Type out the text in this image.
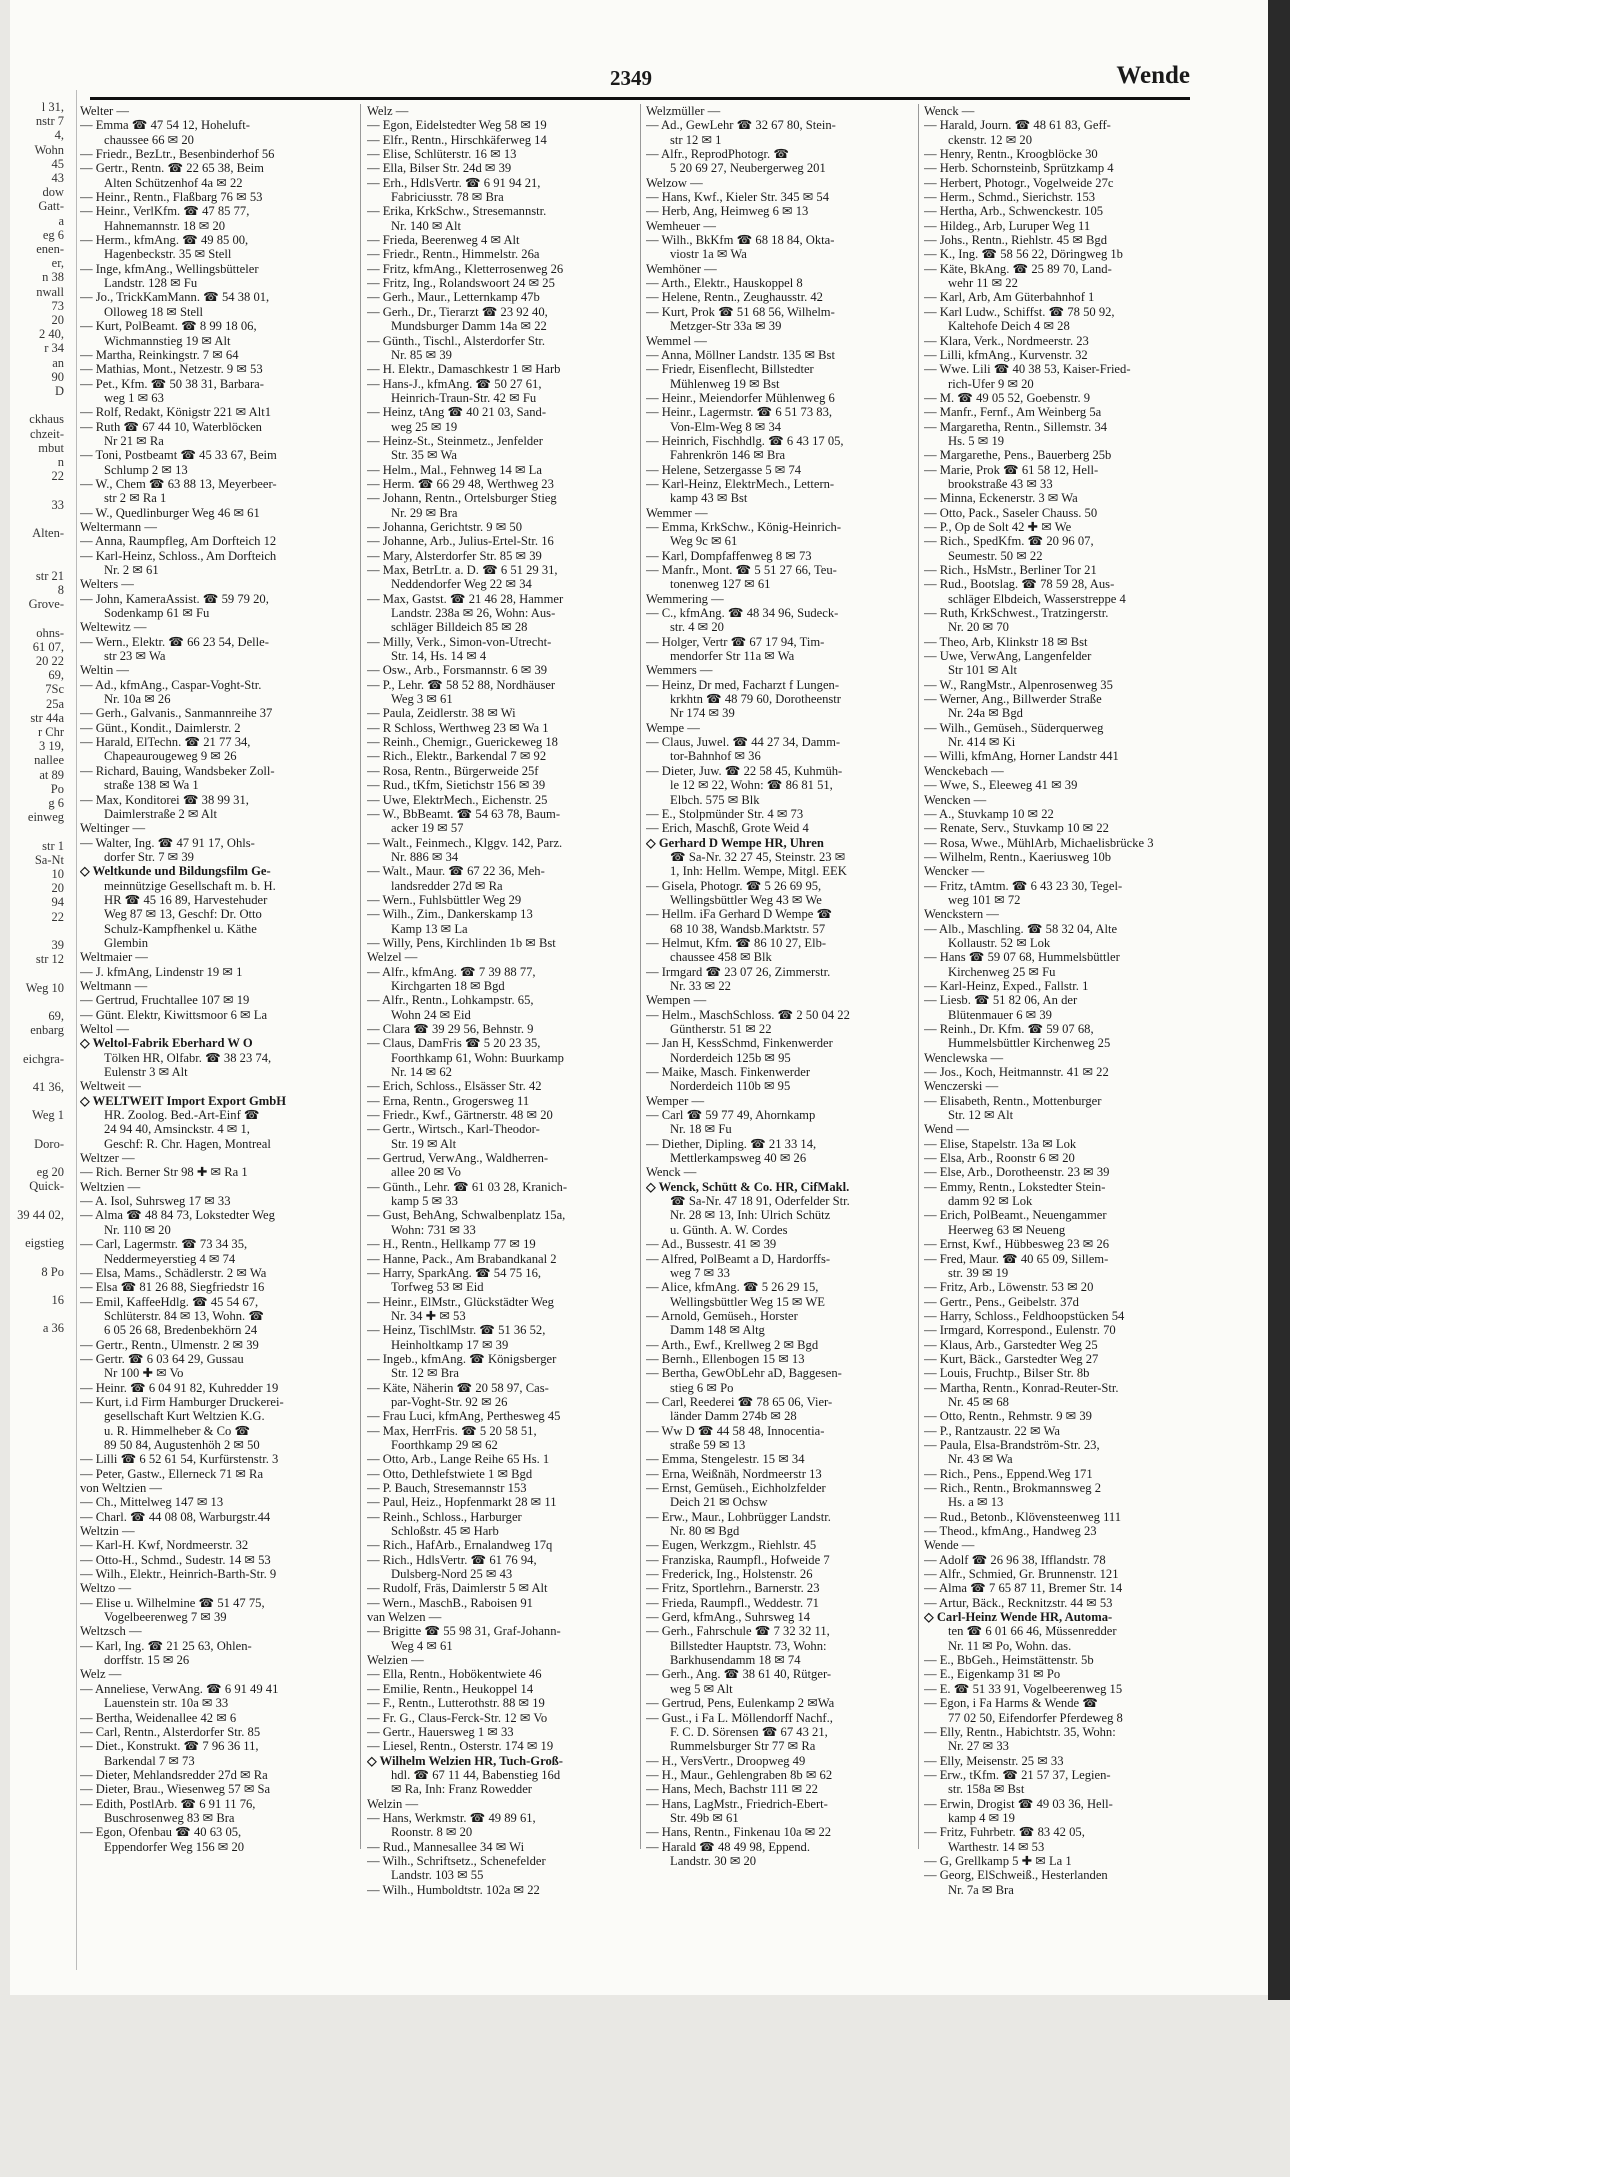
l 31,
nstr 7
4,
Wohn
45
43
dow
Gatt-
a
eg 6
enen-
er,
n 38
nwall
73
20
2 40,
r 34
an
90
D

ckhaus
chzeit-
mbut
n
22

33

Alten-

str 21
8
Grove-

ohns-
61 07,
20 22
69,
7Sc
25a
str 44a
r Chr
3 19,
nallee
at 89
Po
g 6
einweg

str 1
Sa-Nt
10
20
94
22

39
str 12

Weg 10

69,
enbarg

eichgra-

41 36,

Weg 1

Doro-

eg 20
Quick-

39 44 02,

eigstieg

8 Po

16

a 36
2349	Wende

Welter —

— Emma ☎ 47 54 12, Hoheluft-

chaussee 66 ✉ 20

— Friedr., BezLtr., Besenbinderhof 56

— Gertr., Rentn. ☎ 22 65 38, Beim

Alten Schützenhof 4a ✉ 22

— Heinr., Rentn., Flaßbarg 76 ✉ 53

— Heinr., VerlKfm. ☎ 47 85 77,

Hahnemannstr. 18 ✉ 20

— Herm., kfmAng. ☎ 49 85 00,

Hagenbeckstr. 35 ✉ Stell

— Inge, kfmAng., Wellingsbütteler

Landstr. 128 ✉ Fu

— Jo., TrickKamMann. ☎ 54 38 01,

Olloweg 18 ✉ Stell

— Kurt, PolBeamt. ☎ 8 99 18 06,

Wichmannstieg 19 ✉ Alt

— Martha, Reinkingstr. 7 ✉ 64

— Mathias, Mont., Netzestr. 9 ✉ 53

— Pet., Kfm. ☎ 50 38 31, Barbara-

weg 1 ✉ 63

— Rolf, Redakt, Königstr 221 ✉ Alt1

— Ruth ☎ 67 44 10, Waterblöcken

Nr 21 ✉ Ra

— Toni, Postbeamt ☎ 45 33 67, Beim

Schlump 2 ✉ 13

— W., Chem ☎ 63 88 13, Meyerbeer-

str 2 ✉ Ra 1

— W., Quedlinburger Weg 46 ✉ 61

Weltermann —

— Anna, Raumpfleg, Am Dorfteich 12

— Karl-Heinz, Schloss., Am Dorfteich

Nr. 2 ✉ 61

Welters —

— John, KameraAssist. ☎ 59 79 20,

Sodenkamp 61 ✉ Fu

Weltewitz —

— Wern., Elektr. ☎ 66 23 54, Delle-

str 23 ✉ Wa

Weltin —

— Ad., kfmAng., Caspar-Voght-Str.

Nr. 10a ✉ 26

— Gerh., Galvanis., Sanmannreihe 37

— Günt., Kondit., Daimlerstr. 2

— Harald, ElTechn. ☎ 21 77 34,

Chapeaurougeweg 9 ✉ 26

— Richard, Bauing, Wandsbeker Zoll-

straße 138 ✉ Wa 1

— Max, Konditorei ☎ 38 99 31,

Daimlerstraße 2 ✉ Alt

Weltinger —

— Walter, Ing. ☎ 47 91 17, Ohls-

dorfer Str. 7 ✉ 39

◇ Weltkunde und Bildungsfilm Ge-

meinnützige Gesellschaft m. b. H.

HR ☎ 45 16 89, Harvestehuder

Weg 87 ✉ 13, Geschf: Dr. Otto

Schulz-Kampfhenkel u. Käthe

Glembin

Weltmaier —

— J. kfmAng, Lindenstr 19 ✉ 1

Weltmann —

— Gertrud, Fruchtallee 107 ✉ 19

— Günt. Elektr, Kiwittsmoor 6 ✉ La

Weltol —

◇ Weltol-Fabrik Eberhard W O

Tölken HR, Olfabr. ☎ 38 23 74,

Eulenstr 3 ✉ Alt

Weltweit —

◇ WELTWEIT Import Export GmbH

HR. Zoolog. Bed.-Art-Einf ☎

24 94 40, Amsinckstr. 4 ✉ 1,

Geschf: R. Chr. Hagen, Montreal

Weltzer —

— Rich. Berner Str 98 ✚ ✉ Ra 1

Weltzien —

— A. Isol, Suhrsweg 17 ✉ 33

— Alma ☎ 48 84 73, Lokstedter Weg

Nr. 110 ✉ 20

— Carl, Lagermstr. ☎ 73 34 35,

Neddermeyerstieg 4 ✉ 74

— Elsa, Mams., Schädlerstr. 2 ✉ Wa

— Elsa ☎ 81 26 88, Siegfriedstr 16

— Emil, KaffeeHdlg. ☎ 45 54 67,

Schlüterstr. 84 ✉ 13, Wohn. ☎

6 05 26 68, Bredenbekhörn 24

— Gertr., Rentn., Ulmenstr. 2 ✉ 39

— Gertr. ☎ 6 03 64 29, Gussau

Nr 100 ✚ ✉ Vo

— Heinr. ☎ 6 04 91 82, Kuhredder 19

— Kurt, i.d Firm Hamburger Druckerei-

gesellschaft Kurt Weltzien K.G.

u. R. Himmelheber & Co ☎

89 50 84, Augustenhöh 2 ✉ 50

— Lilli ☎ 6 52 61 54, Kurfürstenstr. 3

— Peter, Gastw., Ellerneck 71 ✉ Ra

von Weltzien —

— Ch., Mittelweg 147 ✉ 13

— Charl. ☎ 44 08 08, Warburgstr.44

Weltzin —

— Karl-H. Kwf, Nordmeerstr. 32

— Otto-H., Schmd., Sudestr. 14 ✉ 53

— Wilh., Elektr., Heinrich-Barth-Str. 9

Weltzo —

— Elise u. Wilhelmine ☎ 51 47 75,

Vogelbeerenweg 7 ✉ 39

Weltzsch —

— Karl, Ing. ☎ 21 25 63, Ohlen-

dorffstr. 15 ✉ 26

Welz —

— Anneliese, VerwAng. ☎ 6 91 49 41

Lauenstein str. 10a ✉ 33

— Bertha, Weidenallee 42 ✉ 6

— Carl, Rentn., Alsterdorfer Str. 85

— Diet., Konstrukt. ☎ 7 96 36 11,

Barkendal 7 ✉ 73

— Dieter, Mehlandsredder 27d ✉ Ra

— Dieter, Brau., Wiesenweg 57 ✉ Sa

— Edith, PostlArb. ☎ 6 91 11 76,

Buschrosenweg 83 ✉ Bra

— Egon, Ofenbau ☎ 40 63 05,

Eppendorfer Weg 156 ✉ 20

Welz —

— Egon, Eidelstedter Weg 58 ✉ 19

— Elfr., Rentn., Hirschkäferweg 14

— Elise, Schlüterstr. 16 ✉ 13

— Ella, Bilser Str. 24d ✉ 39

— Erh., HdlsVertr. ☎ 6 91 94 21,

Fabriciusstr. 78 ✉ Bra

— Erika, KrkSchw., Stresemannstr.

Nr. 140 ✉ Alt

— Frieda, Beerenweg 4 ✉ Alt

— Friedr., Rentn., Himmelstr. 26a

— Fritz, kfmAng., Kletterrosenweg 26

— Fritz, Ing., Rolandswoort 24 ✉ 25

— Gerh., Maur., Letternkamp 47b

— Gerh., Dr., Tierarzt ☎ 23 92 40,

Mundsburger Damm 14a ✉ 22

— Günth., Tischl., Alsterdorfer Str.

Nr. 85 ✉ 39

— H. Elektr., Damaschkestr 1 ✉ Harb

— Hans-J., kfmAng. ☎ 50 27 61,

Heinrich-Traun-Str. 42 ✉ Fu

— Heinz, tAng ☎ 40 21 03, Sand-

weg 25 ✉ 19

— Heinz-St., Steinmetz., Jenfelder

Str. 35 ✉ Wa

— Helm., Mal., Fehnweg 14 ✉ La

— Herm. ☎ 66 29 48, Werthweg 23

— Johann, Rentn., Ortelsburger Stieg

Nr. 29 ✉ Bra

— Johanna, Gerichtstr. 9 ✉ 50

— Johanne, Arb., Julius-Ertel-Str. 16

— Mary, Alsterdorfer Str. 85 ✉ 39

— Max, BetrLtr. a. D. ☎ 6 51 29 31,

Neddendorfer Weg 22 ✉ 34

— Max, Gastst. ☎ 21 46 28, Hammer

Landstr. 238a ✉ 26, Wohn: Aus-

schläger Billdeich 85 ✉ 28

— Milly, Verk., Simon-von-Utrecht-

Str. 14, Hs. 14 ✉ 4

— Osw., Arb., Forsmannstr. 6 ✉ 39

— P., Lehr. ☎ 58 52 88, Nordhäuser

Weg 3 ✉ 61

— Paula, Zeidlerstr. 38 ✉ Wi

— R Schloss, Werthweg 23 ✉ Wa 1

— Reinh., Chemigr., Guerickeweg 18

— Rich., Elektr., Barkendal 7 ✉ 92

— Rosa, Rentn., Bürgerweide 25f

— Rud., tKfm, Sietichstr 156 ✉ 39

— Uwe, ElektrMech., Eichenstr. 25

— W., BbBeamt. ☎ 54 63 78, Baum-

acker 19 ✉ 57

— Walt., Feinmech., Klggv. 142, Parz.

Nr. 886 ✉ 34

— Walt., Maur. ☎ 67 22 36, Meh-

landsredder 27d ✉ Ra

— Wern., Fuhlsbüttler Weg 29

— Wilh., Zim., Dankerskamp 13

Kamp 13 ✉ La

— Willy, Pens, Kirchlinden 1b ✉ Bst

Welzel —

— Alfr., kfmAng. ☎ 7 39 88 77,

Kirchgarten 18 ✉ Bgd

— Alfr., Rentn., Lohkampstr. 65,

Wohn 24 ✉ Eid

— Clara ☎ 39 29 56, Behnstr. 9

— Claus, DamFris ☎ 5 20 23 35,

Foorthkamp 61, Wohn: Buurkamp

Nr. 14 ✉ 62

— Erich, Schloss., Elsässer Str. 42

— Erna, Rentn., Grogersweg 11

— Friedr., Kwf., Gärtnerstr. 48 ✉ 20

— Gertr., Wirtsch., Karl-Theodor-

Str. 19 ✉ Alt

— Gertrud, VerwAng., Waldherren-

allee 20 ✉ Vo

— Günth., Lehr. ☎ 61 03 28, Kranich-

kamp 5 ✉ 33

— Gust, BehAng, Schwalbenplatz 15a,

Wohn: 731 ✉ 33

— H., Rentn., Hellkamp 77 ✉ 19

— Hanne, Pack., Am Brabandkanal 2

— Harry, SparkAng. ☎ 54 75 16,

Torfweg 53 ✉ Eid

— Heinr., ElMstr., Glückstädter Weg

Nr. 34 ✚ ✉ 53

— Heinz, TischlMstr. ☎ 51 36 52,

Heinholtkamp 17 ✉ 39

— Ingeb., kfmAng. ☎ Königsberger

Str. 12 ✉ Bra

— Käte, Näherin ☎ 20 58 97, Cas-

par-Voght-Str. 92 ✉ 26

— Frau Luci, kfmAng, Perthesweg 45

— Max, HerrFris. ☎ 5 20 58 51,

Foorthkamp 29 ✉ 62

— Otto, Arb., Lange Reihe 65 Hs. 1

— Otto, Dethlefstwiete 1 ✉ Bgd

— P. Bauch, Stresemannstr 153

— Paul, Heiz., Hopfenmarkt 28 ✉ 11

— Reinh., Schloss., Harburger

Schloßstr. 45 ✉ Harb

— Rich., HafArb., Ernalandweg 17q

— Rich., HdlsVertr. ☎ 61 76 94,

Dulsberg-Nord 25 ✉ 43

— Rudolf, Fräs, Daimlerstr 5 ✉ Alt

— Wern., MaschB., Raboisen 91

van Welzen —

— Brigitte ☎ 55 98 31, Graf-Johann-

Weg 4 ✉ 61

Welzien —

— Ella, Rentn., Hobökentwiete 46

— Emilie, Rentn., Heukoppel 14

— F., Rentn., Lutterothstr. 88 ✉ 19

— Fr. G., Claus-Ferck-Str. 12 ✉ Vo

— Gertr., Hauersweg 1 ✉ 33

— Liesel, Rentn., Osterstr. 174 ✉ 19

◇ Wilhelm Welzien HR, Tuch-Groß-

hdl. ☎ 67 11 44, Babenstieg 16d

✉ Ra, Inh: Franz Rowedder

Welzin —

— Hans, Werkmstr. ☎ 49 89 61,

Roonstr. 8 ✉ 20

— Rud., Mannesallee 34 ✉ Wi

— Wilh., Schriftsetz., Schenefelder

Landstr. 103 ✉ 55

— Wilh., Humboldtstr. 102a ✉ 22

Welzmüller —

— Ad., GewLehr ☎ 32 67 80, Stein-

str 12 ✉ 1

— Alfr., ReprodPhotogr. ☎

5 20 69 27, Neubergerweg 201

Welzow —

— Hans, Kwf., Kieler Str. 345 ✉ 54

— Herb, Ang, Heimweg 6 ✉ 13

Wemheuer —

— Wilh., BkKfm ☎ 68 18 84, Okta-

viostr 1a ✉ Wa

Wemhöner —

— Arth., Elektr., Hauskoppel 8

— Helene, Rentn., Zeughausstr. 42

— Kurt, Prok ☎ 51 68 56, Wilhelm-

Metzger-Str 33a ✉ 39

Wemmel —

— Anna, Möllner Landstr. 135 ✉ Bst

— Friedr, Eisenflecht, Billstedter

Mühlenweg 19 ✉ Bst

— Heinr., Meiendorfer Mühlenweg 6

— Heinr., Lagermstr. ☎ 6 51 73 83,

Von-Elm-Weg 8 ✉ 34

— Heinrich, Fischhdlg. ☎ 6 43 17 05,

Fahrenkrön 146 ✉ Bra

— Helene, Setzergasse 5 ✉ 74

— Karl-Heinz, ElektrMech., Lettern-

kamp 43 ✉ Bst

Wemmer —

— Emma, KrkSchw., König-Heinrich-

Weg 9c ✉ 61

— Karl, Dompfaffenweg 8 ✉ 73

— Manfr., Mont. ☎ 5 51 27 66, Teu-

tonenweg 127 ✉ 61

Wemmering —

— C., kfmAng. ☎ 48 34 96, Sudeck-

str. 4 ✉ 20

— Holger, Vertr ☎ 67 17 94, Tim-

mendorfer Str 11a ✉ Wa

Wemmers —

— Heinz, Dr med, Facharzt f Lungen-

krkhtn ☎ 48 79 60, Dorotheenstr

Nr 174 ✉ 39

Wempe —

— Claus, Juwel. ☎ 44 27 34, Damm-

tor-Bahnhof ✉ 36

— Dieter, Juw. ☎ 22 58 45, Kuhmüh-

le 12 ✉ 22, Wohn: ☎ 86 81 51,

Elbch. 575 ✉ Blk

— E., Stolpmünder Str. 4 ✉ 73

— Erich, Maschß, Grote Weid 4

◇ Gerhard D Wempe HR, Uhren

☎ Sa-Nr. 32 27 45, Steinstr. 23 ✉

1, Inh: Hellm. Wempe, Mitgl. EEK

— Gisela, Photogr. ☎ 5 26 69 95,

Wellingsbüttler Weg 43 ✉ We

— Hellm. iFa Gerhard D Wempe ☎

68 10 38, Wandsb.Marktstr. 57

— Helmut, Kfm. ☎ 86 10 27, Elb-

chaussee 458 ✉ Blk

— Irmgard ☎ 23 07 26, Zimmerstr.

Nr. 33 ✉ 22

Wempen —

— Helm., MaschSchloss. ☎ 2 50 04 22

Güntherstr. 51 ✉ 22

— Jan H, KessSchmd, Finkenwerder

Norderdeich 125b ✉ 95

— Maike, Masch. Finkenwerder

Norderdeich 110b ✉ 95

Wemper —

— Carl ☎ 59 77 49, Ahornkamp

Nr. 18 ✉ Fu

— Diether, Dipling. ☎ 21 33 14,

Mettlerkampsweg 40 ✉ 26

Wenck —

◇ Wenck, Schütt & Co. HR, CifMakl.

☎ Sa-Nr. 47 18 91, Oderfelder Str.

Nr. 28 ✉ 13, Inh: Ulrich Schütz

u. Günth. A. W. Cordes

— Ad., Bussestr. 41 ✉ 39

— Alfred, PolBeamt a D, Hardorffs-

weg 7 ✉ 33

— Alice, kfmAng. ☎ 5 26 29 15,

Wellingsbüttler Weg 15 ✉ WE

— Arnold, Gemüseh., Horster

Damm 148 ✉ Altg

— Arth., Ewf., Krellweg 2 ✉ Bgd

— Bernh., Ellenbogen 15 ✉ 13

— Bertha, GewObLehr aD, Baggesen-

stieg 6 ✉ Po

— Carl, Reederei ☎ 78 65 06, Vier-

länder Damm 274b ✉ 28

— Ww D ☎ 44 58 48, Innocentia-

straße 59 ✉ 13

— Emma, Stengelestr. 15 ✉ 34

— Erna, Weißnäh, Nordmeerstr 13

— Ernst, Gemüseh., Eichholzfelder

Deich 21 ✉ Ochsw

— Erw., Maur., Lohbrügger Landstr.

Nr. 80 ✉ Bgd

— Eugen, Werkzgm., Riehlstr. 45

— Franziska, Raumpfl., Hofweide 7

— Frederick, Ing., Holstenstr. 26

— Fritz, Sportlehrn., Barnerstr. 23

— Frieda, Raumpfl., Weddestr. 71

— Gerd, kfmAng., Suhrsweg 14

— Gerh., Fahrschule ☎ 7 32 32 11,

Billstedter Hauptstr. 73, Wohn:

Barkhusendamm 18 ✉ 74

— Gerh., Ang. ☎ 38 61 40, Rütger-

weg 5 ✉ Alt

— Gertrud, Pens, Eulenkamp 2 ✉Wa

— Gust., i Fa L. Möllendorff Nachf.,

F. C. D. Sörensen ☎ 67 43 21,

Rummelsburger Str 77 ✉ Ra

— H., VersVertr., Droopweg 49

— H., Maur., Gehlengraben 8b ✉ 62

— Hans, Mech, Bachstr 111 ✉ 22

— Hans, LagMstr., Friedrich-Ebert-

Str. 49b ✉ 61

— Hans, Rentn., Finkenau 10a ✉ 22

— Harald ☎ 48 49 98, Eppend.

Landstr. 30 ✉ 20

Wenck —

— Harald, Journ. ☎ 48 61 83, Geff-

ckenstr. 12 ✉ 20

— Henry, Rentn., Kroogblöcke 30

— Herb. Schornsteinb, Sprützkamp 4

— Herbert, Photogr., Vogelweide 27c

— Herm., Schmd., Sierichstr. 153

— Hertha, Arb., Schwenckestr. 105

— Hildeg., Arb, Luruper Weg 11

— Johs., Rentn., Riehlstr. 45 ✉ Bgd

— K., Ing. ☎ 58 56 22, Döringweg 1b

— Käte, BkAng. ☎ 25 89 70, Land-

wehr 11 ✉ 22

— Karl, Arb, Am Güterbahnhof 1

— Karl Ludw., Schiffst. ☎ 78 50 92,

Kaltehofe Deich 4 ✉ 28

— Klara, Verk., Nordmeerstr. 23

— Lilli, kfmAng., Kurvenstr. 32

— Wwe. Lili ☎ 40 38 53, Kaiser-Fried-

rich-Ufer 9 ✉ 20

— M. ☎ 49 05 52, Goebenstr. 9

— Manfr., Fernf., Am Weinberg 5a

— Margaretha, Rentn., Sillemstr. 34

Hs. 5 ✉ 19

— Margarethe, Pens., Bauerberg 25b

— Marie, Prok ☎ 61 58 12, Hell-

brookstraße 43 ✉ 33

— Minna, Eckenerstr. 3 ✉ Wa

— Otto, Pack., Saseler Chauss. 50

— P., Op de Solt 42 ✚ ✉ We

— Rich., SpedKfm. ☎ 20 96 07,

Seumestr. 50 ✉ 22

— Rich., HsMstr., Berliner Tor 21

— Rud., Bootslag. ☎ 78 59 28, Aus-

schläger Elbdeich, Wasserstreppe 4

— Ruth, KrkSchwest., Tratzingerstr.

Nr. 20 ✉ 70

— Theo, Arb, Klinkstr 18 ✉ Bst

— Uwe, VerwAng, Langenfelder

Str 101 ✉ Alt

— W., RangMstr., Alpenrosenweg 35

— Werner, Ang., Billwerder Straße

Nr. 24a ✉ Bgd

— Wilh., Gemüseh., Süderquerweg

Nr. 414 ✉ Ki

— Willi, kfmAng, Horner Landstr 441

Wenckebach —

— Wwe, S., Eleeweg 41 ✉ 39

Wencken —

— A., Stuvkamp 10 ✉ 22

— Renate, Serv., Stuvkamp 10 ✉ 22

— Rosa, Wwe., MühlArb, Michaelisbrücke 3

— Wilhelm, Rentn., Kaeriusweg 10b

Wencker —

— Fritz, tAmtm. ☎ 6 43 23 30, Tegel-

weg 101 ✉ 72

Wenckstern —

— Alb., Maschling. ☎ 58 32 04, Alte

Kollaustr. 52 ✉ Lok

— Hans ☎ 59 07 68, Hummelsbüttler

Kirchenweg 25 ✉ Fu

— Karl-Heinz, Exped., Fallstr. 1

— Liesb. ☎ 51 82 06, An der

Blütenmauer 6 ✉ 39

— Reinh., Dr. Kfm. ☎ 59 07 68,

Hummelsbüttler Kirchenweg 25

Wenclewska —

— Jos., Koch, Heitmannstr. 41 ✉ 22

Wenczerski —

— Elisabeth, Rentn., Mottenburger

Str. 12 ✉ Alt

Wend —

— Elise, Stapelstr. 13a ✉ Lok

— Elsa, Arb., Roonstr 6 ✉ 20

— Else, Arb., Dorotheenstr. 23 ✉ 39

— Emmy, Rentn., Lokstedter Stein-

damm 92 ✉ Lok

— Erich, PolBeamt., Neuengammer

Heerweg 63 ✉ Neueng

— Ernst, Kwf., Hübbesweg 23 ✉ 26

— Fred, Maur. ☎ 40 65 09, Sillem-

str. 39 ✉ 19

— Fritz, Arb., Löwenstr. 53 ✉ 20

— Gertr., Pens., Geibelstr. 37d

— Harry, Schloss., Feldhoopstücken 54

— Irmgard, Korrespond., Eulenstr. 70

— Klaus, Arb., Garstedter Weg 25

— Kurt, Bäck., Garstedter Weg 27

— Louis, Fruchtp., Bilser Str. 8b

— Martha, Rentn., Konrad-Reuter-Str.

Nr. 45 ✉ 68

— Otto, Rentn., Rehmstr. 9 ✉ 39

— P., Rantzaustr. 22 ✉ Wa

— Paula, Elsa-Brandström-Str. 23,

Nr. 43 ✉ Wa

— Rich., Pens., Eppend.Weg 171

— Rich., Rentn., Brokmannsweg 2

Hs. a ✉ 13

— Rud., Betonb., Klövensteenweg 111

— Theod., kfmAng., Handweg 23

Wende —

— Adolf ☎ 26 96 38, Ifflandstr. 78

— Alfr., Schmied, Gr. Brunnenstr. 121

— Alma ☎ 7 65 87 11, Bremer Str. 14

— Artur, Bäck., Recknitzstr. 44 ✉ 53

◇ Carl-Heinz Wende HR, Automa-

ten ☎ 6 01 66 46, Müssenredder

Nr. 11 ✉ Po, Wohn. das.

— E., BbGeh., Heimstättenstr. 5b

— E., Eigenkamp 31 ✉ Po

— E. ☎ 51 33 91, Vogelbeerenweg 15

— Egon, i Fa Harms & Wende ☎

77 02 50, Eifendorfer Pferdeweg 8

— Elly, Rentn., Habichtstr. 35, Wohn:

Nr. 27 ✉ 33

— Elly, Meisenstr. 25 ✉ 33

— Erw., tKfm. ☎ 21 57 37, Legien-

str. 158a ✉ Bst

— Erwin, Drogist ☎ 49 03 36, Hell-

kamp 4 ✉ 19

— Fritz, Fuhrbetr. ☎ 83 42 05,

Warthestr. 14 ✉ 53

— G, Grellkamp 5 ✚ ✉ La 1

— Georg, ElSchweiß., Hesterlanden

Nr. 7a ✉ Bra
